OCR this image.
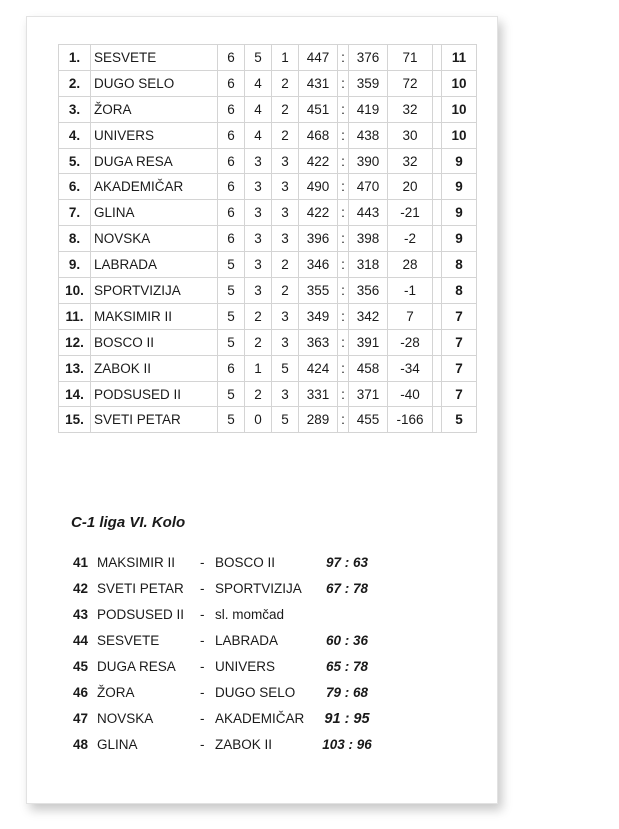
1.	SESVETE	6	5	1	447	:	376	71		11
2.	DUGO SELO	6	4	2	431	:	359	72		10
3.	ŽORA	6	4	2	451	:	419	32		10
4.	UNIVERS	6	4	2	468	:	438	30		10
5.	DUGA RESA	6	3	3	422	:	390	32		9
6.	AKADEMIČAR	6	3	3	490	:	470	20		9
7.	GLINA	6	3	3	422	:	443	-21		9
8.	NOVSKA	6	3	3	396	:	398	-2		9
9.	LABRADA	5	3	2	346	:	318	28		8
10.	SPORTVIZIJA	5	3	2	355	:	356	-1		8
11.	MAKSIMIR II	5	2	3	349	:	342	7		7
12.	BOSCO II	5	2	3	363	:	391	-28		7
13.	ZABOK II	6	1	5	424	:	458	-34		7
14.	PODSUSED II	5	2	3	331	:	371	-40		7
15.	SVETI PETAR	5	0	5	289	:	455	-166		5
C-1 liga VI. Kolo
41 MAKSIMIR II - BOSCO II	97 : 63
42 SVETI PETAR - SPORTVIZIJA	67 : 78
43 PODSUSED II - sl. momčad
44 SESVETE	- LABRADA	60 : 36
45 DUGA RESA - UNIVERS	65 : 78
46 ŽORA	- DUGO SELO	79 : 68
47 NOVSKA	- AKADEMIČAR	91 : 95
48 GLINA	- ZABOK II	103 : 96
